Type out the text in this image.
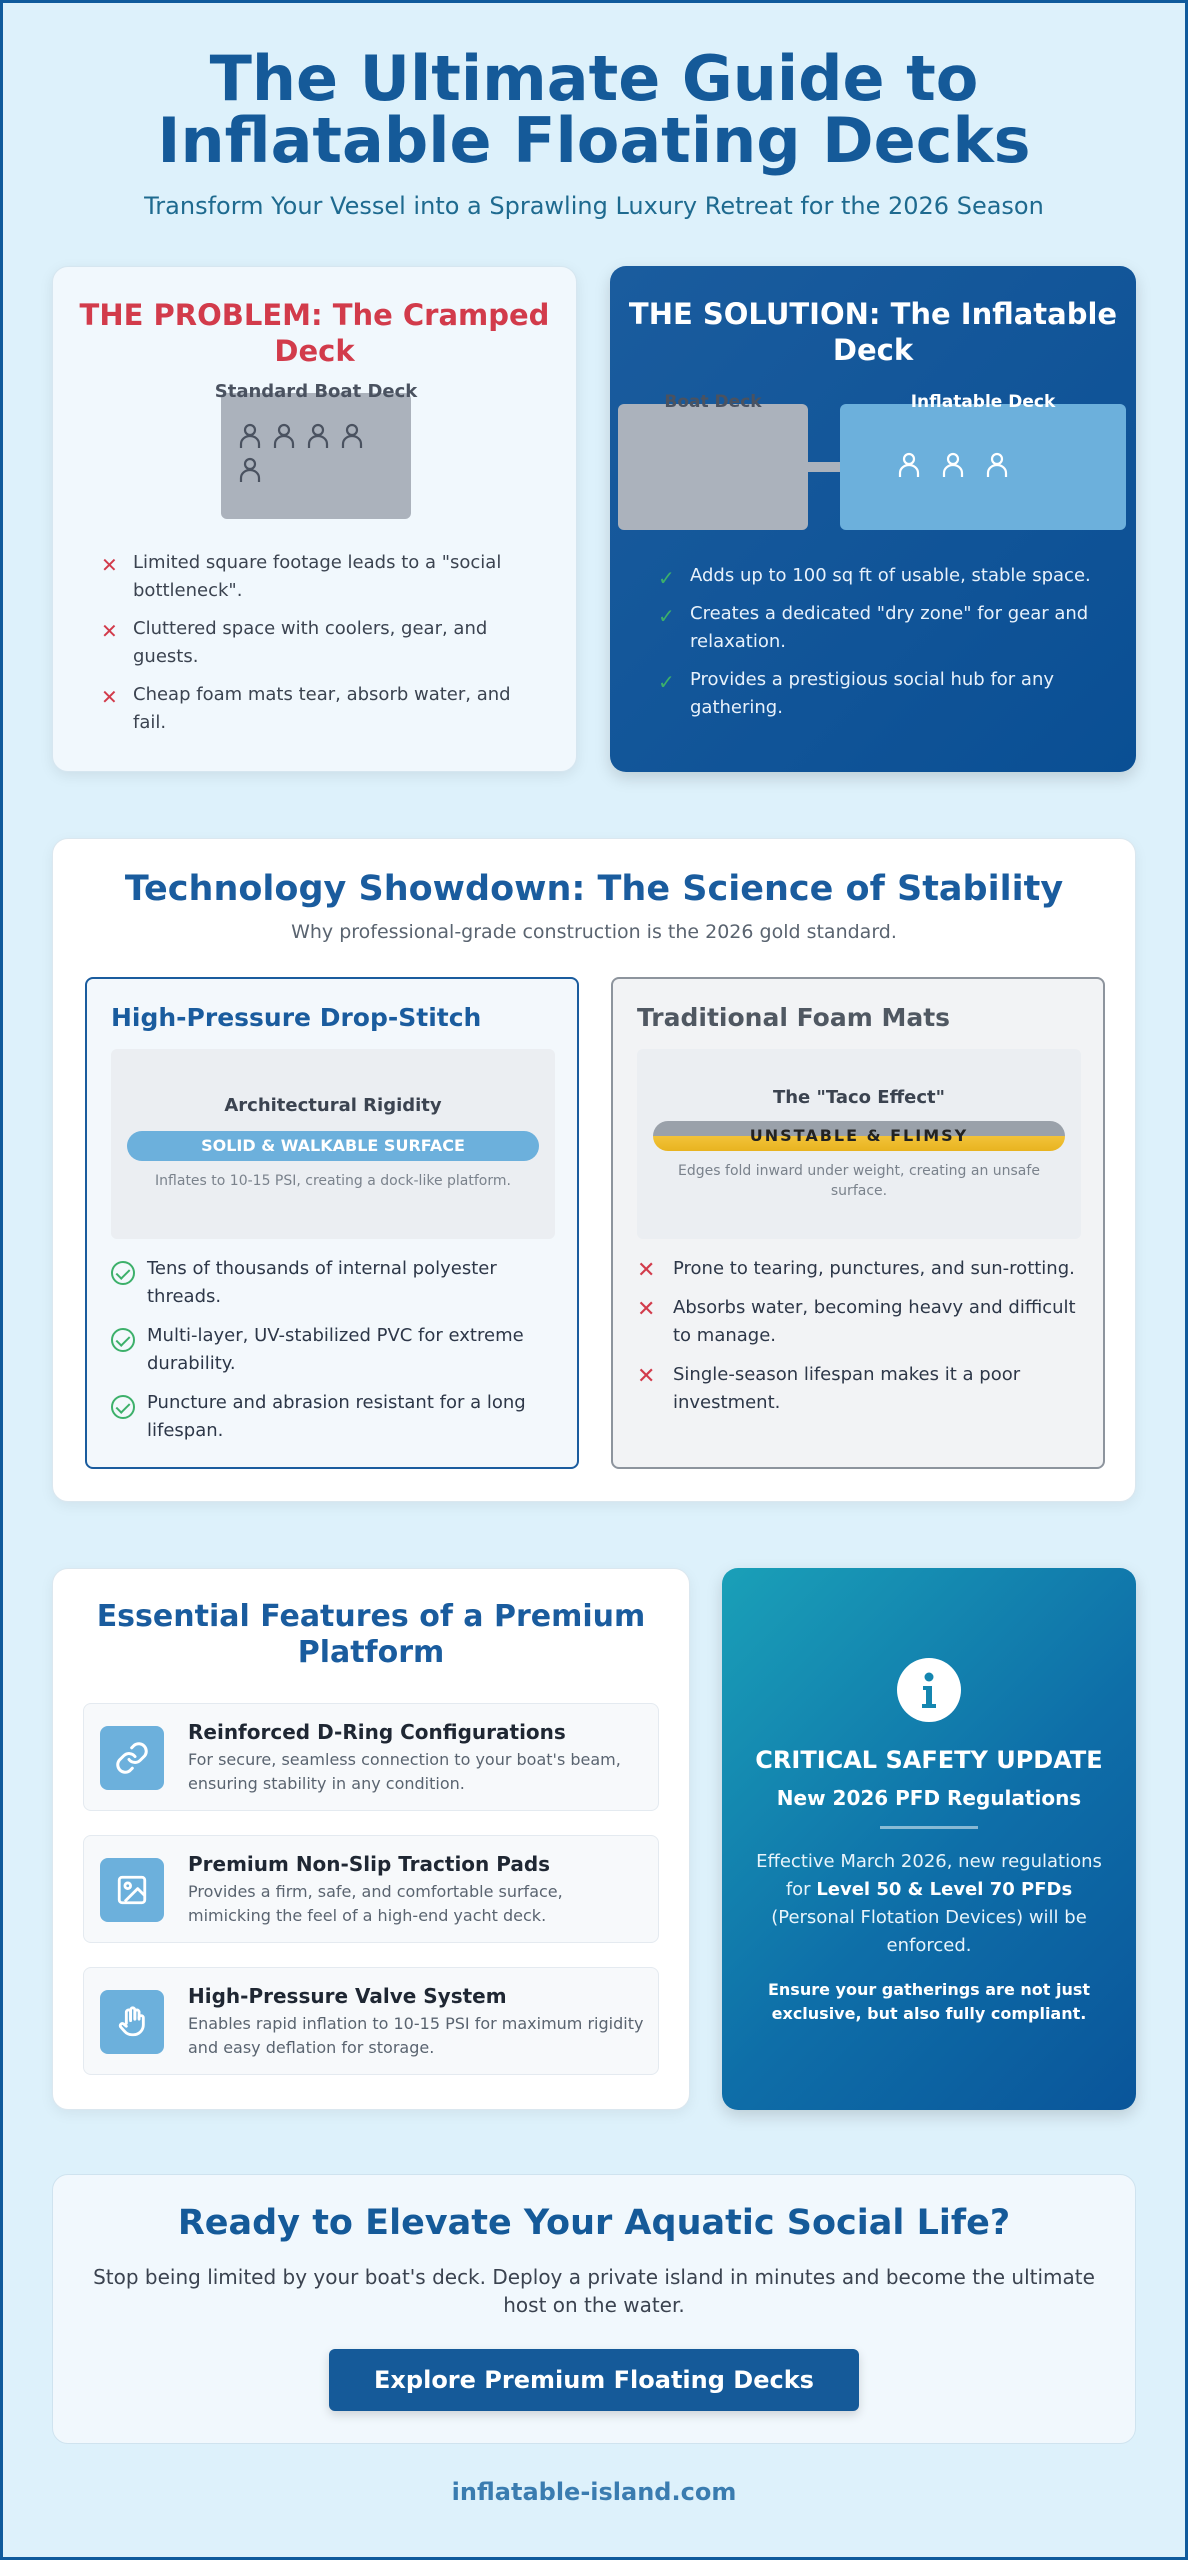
The Ultimate Guide to Inflatable Floating Decks

Transform Your Vessel into a Sprawling Luxury Retreat for the 2026 Season

THE PROBLEM: The Cramped Deck
Standard Boat Deck
✕ Limited square footage leads to a "social bottleneck".
✕ Cluttered space with coolers, gear, and guests.
✕ Cheap foam mats tear, absorb water, and fail.
THE SOLUTION: The Inflatable Deck
Boat Deck	Inflatable Deck
✓ Adds up to 100 sq ft of usable, stable space.
✓ Creates a dedicated "dry zone" for gear and relaxation.
✓ Provides a prestigious social hub for any gathering.
Technology Showdown: The Science of Stability

Why professional-grade construction is the 2026 gold standard.

High-Pressure Drop-Stitch
Architectural Rigidity
SOLID & WALKABLE SURFACE
Inflates to 10-15 PSI, creating a dock-like platform.
Tens of thousands of internal polyester threads.
Multi-layer, UV-stabilized PVC for extreme durability.
Puncture and abrasion resistant for a long lifespan.
Traditional Foam Mats
The "Taco Effect"
UNSTABLE & FLIMSY
Edges fold inward under weight, creating an unsafe surface.
✕ Prone to tearing, punctures, and sun-rotting.
✕ Absorbs water, becoming heavy and difficult to manage.
✕ Single-season lifespan makes it a poor investment.
Essential Features of a Premium Platform
Reinforced D-Ring Configurations
For secure, seamless connection to your boat's beam, ensuring stability in any condition.
Premium Non-Slip Traction Pads
Provides a firm, safe, and comfortable surface, mimicking the feel of a high-end yacht deck.
High-Pressure Valve System
Enables rapid inflation to 10-15 PSI for maximum rigidity and easy deflation for storage.
CRITICAL SAFETY UPDATE
New 2026 PFD Regulations

Effective March 2026, new regulations for Level 50 & Level 70 PFDs (Personal Flotation Devices) will be enforced.

Ensure your gatherings are not just exclusive, but also fully compliant.

Ready to Elevate Your Aquatic Social Life?

Stop being limited by your boat's deck. Deploy a private island in minutes and become the ultimate host on the water.

Explore Premium Floating Decks
inflatable-island.com
